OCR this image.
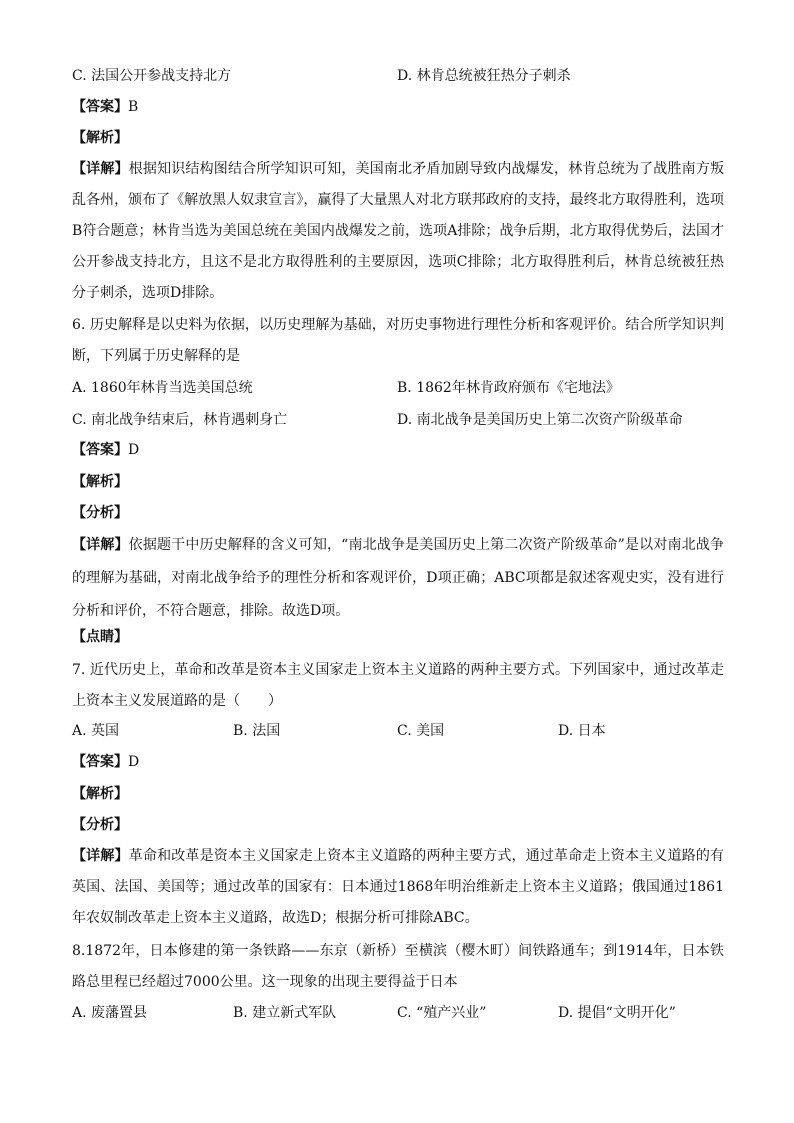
C. 法国公开参战支持北方	D. 林肯总统被狂热分子刺杀
【答案】B
【解析】
【详解】根据知识结构图结合所学知识可知，美国南北矛盾加剧导致内战爆发，林肯总统为了战胜南方叛乱各州，颁布了《解放黑人奴隶宣言》，赢得了大量黑人对北方联邦政府的支持，最终北方取得胜利，选项B符合题意；林肯当选为美国总统在美国内战爆发之前，选项A排除；战争后期，北方取得优势后，法国才公开参战支持北方，且这不是北方取得胜利的主要原因，选项C排除；北方取得胜利后，林肯总统被狂热分子刺杀，选项D排除。
6. 历史解释是以史料为依据，以历史理解为基础，对历史事物进行理性分析和客观评价。结合所学知识判断，下列属于历史解释的是
A. 1860年林肯当选美国总统	B. 1862年林肯政府颁布《宅地法》
C. 南北战争结束后，林肯遇刺身亡	D. 南北战争是美国历史上第二次资产阶级革命
【答案】D
【解析】
【分析】
【详解】依据题干中历史解释的含义可知，“南北战争是美国历史上第二次资产阶级革命”是以对南北战争的理解为基础，对南北战争给予的理性分析和客观评价，D项正确；ABC项都是叙述客观史实，没有进行分析和评价，不符合题意，排除。故选D项。
【点睛】
7. 近代历史上，革命和改革是资本主义国家走上资本主义道路的两种主要方式。下列国家中，通过改革走上资本主义发展道路的是（　　）
A. 英国	B. 法国	C. 美国	D. 日本
【答案】D
【解析】
【分析】
【详解】革命和改革是资本主义国家走上资本主义道路的两种主要方式，通过革命走上资本主义道路的有英国、法国、美国等；通过改革的国家有：日本通过1868年明治维新走上资本主义道路；俄国通过1861年农奴制改革走上资本主义道路，故选D；根据分析可排除ABC。
8.1872年，日本修建的第一条铁路——东京（新桥）至横滨（樱木町）间铁路通车；到1914年，日本铁路总里程已经超过7000公里。这一现象的出现主要得益于日本
A. 废藩置县	B. 建立新式军队	C. “殖产兴业”	D. 提倡“文明开化”
